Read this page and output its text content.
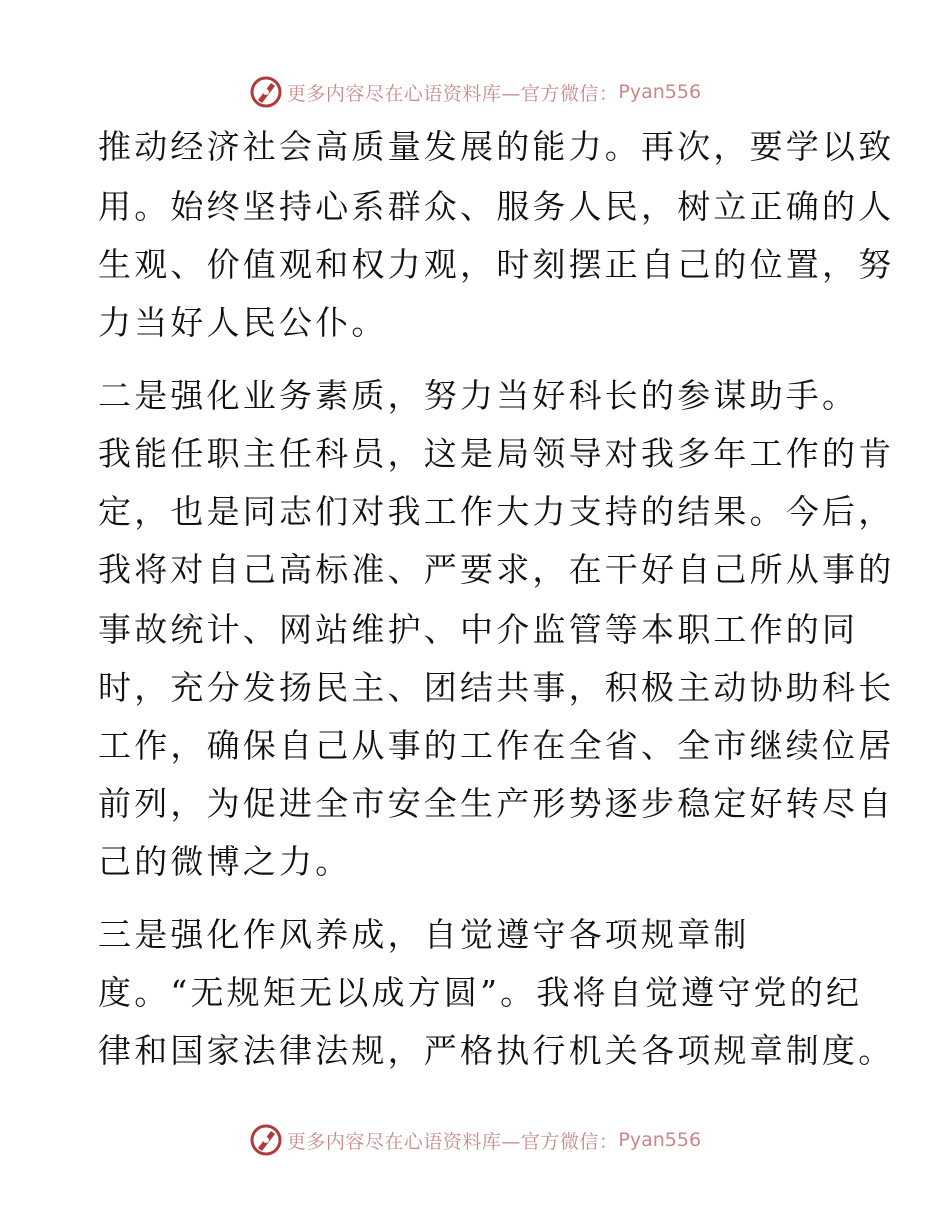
更多内容尽在心语资料库—官方微信： Pyan556
推动经济社会高质量发展的能力。再次，要学以致
用。始终坚持心系群众、服务人民，树立正确的人
生观、价值观和权力观，时刻摆正自己的位置，努
力当好人民公仆。
二是强化业务素质，努力当好科长的参谋助手。
我能任职主任科员，这是局领导对我多年工作的肯
定，也是同志们对我工作大力支持的结果。今后，
我将对自己高标准、严要求，在干好自己所从事的
事故统计、网站维护、中介监管等本职工作的同
时，充分发扬民主、团结共事，积极主动协助科长
工作，确保自己从事的工作在全省、全市继续位居
前列，为促进全市安全生产形势逐步稳定好转尽自
己的微博之力。
三是强化作风养成，自觉遵守各项规章制
度。“无规矩无以成方圆”。我将自觉遵守党的纪
律和国家法律法规，严格执行机关各项规章制度。
更多内容尽在心语资料库—官方微信： Pyan556
